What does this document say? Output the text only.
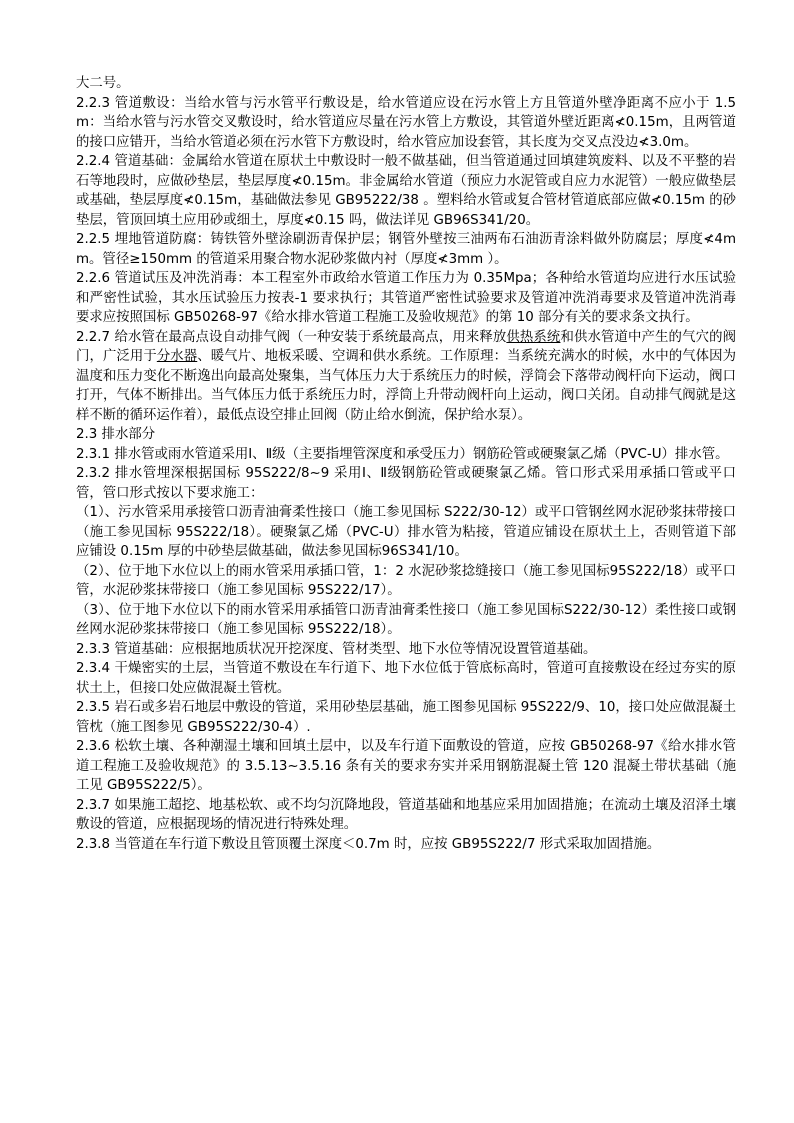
大二号。

2.2.3 管道敷设：当给水管与污水管平行敷设是，给水管道应设在污水管上方且管道外壁净距离不应小于 1.5m：当给水管与污水管交叉敷设时，给水管道应尽量在污水管上方敷设，其管道外壁近距离≮0.15m，且两管道的接口应错开，当给水管道必须在污水管下方敷设时，给水管应加设套管，其长度为交叉点没边≮3.0m。

2.2.4 管道基础：金属给水管道在原状土中敷设时一般不做基础，但当管道通过回填建筑废料、以及不平整的岩石等地段时，应做砂垫层，垫层厚度≮0.15m。非金属给水管道（预应力水泥管或自应力水泥管）一般应做垫层或基础，垫层厚度≮0.15m，基础做法参见 GB95222/38 。塑料给水管或复合管材管道底部应做≮0.15m 的砂垫层，管顶回填土应用砂或细土，厚度≮0.15 吗，做法详见 GB96S341/20。

2.2.5 埋地管道防腐：铸铁管外壁涂刷沥青保护层；钢管外壁按三油两布石油沥青涂料做外防腐层；厚度≮4mm。管径≥150mm 的管道采用聚合物水泥砂浆做内衬（厚度≮3mm ）。

2.2.6 管道试压及冲洗消毒：本工程室外市政给水管道工作压力为 0.35Mpa；各种给水管道均应进行水压试验和严密性试验，其水压试验压力按表-1 要求执行；其管道严密性试验要求及管道冲洗消毒要求及管道冲洗消毒要求应按照国标 GB50268-97《给水排水管道工程施工及验收规范》的第 10 部分有关的要求条文执行。

2.2.7 给水管在最高点设自动排气阀（一种安装于系统最高点，用来释放供热系统和供水管道中产生的气穴的阀门，广泛用于分水器、暖气片、地板采暖、空调和供水系统。工作原理：当系统充满水的时候，水中的气体因为温度和压力变化不断逸出向最高处聚集，当气体压力大于系统压力的时候，浮筒会下落带动阀杆向下运动，阀口打开，气体不断排出。当气体压力低于系统压力时，浮筒上升带动阀杆向上运动，阀口关闭。自动排气阀就是这样不断的循环运作着），最低点设空排止回阀（防止给水倒流，保护给水泵）。

2.3 排水部分

2.3.1 排水管或雨水管道采用Ⅰ、Ⅱ级（主要指埋管深度和承受压力）钢筋砼管或硬聚氯乙烯（PVC-U）排水管。

2.3.2 排水管埋深根据国标 95S222/8~9 采用Ⅰ、Ⅱ级钢筋砼管或硬聚氯乙烯。管口形式采用承插口管或平口管，管口形式按以下要求施工：

（1）、污水管采用承接管口沥青油膏柔性接口（施工参见国标 S222/30-12）或平口管钢丝网水泥砂浆抹带接口（施工参见国标 95S222/18）。硬聚氯乙烯（PVC-U）排水管为粘接，管道应铺设在原状土上，否则管道下部应铺设 0.15m 厚的中砂垫层做基础，做法参见国标96S341/10。

（2）、位于地下水位以上的雨水管采用承插口管，1：2 水泥砂浆捻缝接口（施工参见国标95S222/18）或平口管，水泥砂浆抹带接口（施工参见国标 95S222/17）。

（3）、位于地下水位以下的雨水管采用承插管口沥青油膏柔性接口（施工参见国标S222/30-12）柔性接口或钢丝网水泥砂浆抹带接口（施工参见国标 95S222/18）。

2.3.3 管道基础：应根据地质状况开挖深度、管材类型、地下水位等情况设置管道基础。

2.3.4 干燥密实的土层，当管道不敷设在车行道下、地下水位低于管底标高时，管道可直接敷设在经过夯实的原状土上，但接口处应做混凝土管枕。

2.3.5 岩石或多岩石地层中敷设的管道，采用砂垫层基础，施工图参见国标 95S222/9、10，接口处应做混凝土管枕（施工图参见 GB95S222/30-4）.

2.3.6 松软土壤、各种潮湿土壤和回填土层中，以及车行道下面敷设的管道，应按 GB50268-97《给水排水管道工程施工及验收规范》的 3.5.13~3.5.16 条有关的要求夯实并采用钢筋混凝土管 120 混凝土带状基础（施工见 GB95S222/5）。

2.3.7 如果施工超挖、地基松软、或不均匀沉降地段，管道基础和地基应采用加固措施；在流动土壤及沼泽土壤敷设的管道，应根据现场的情况进行特殊处理。

2.3.8 当管道在车行道下敷设且管顶覆土深度＜0.7m 时，应按 GB95S222/7 形式采取加固措施。
